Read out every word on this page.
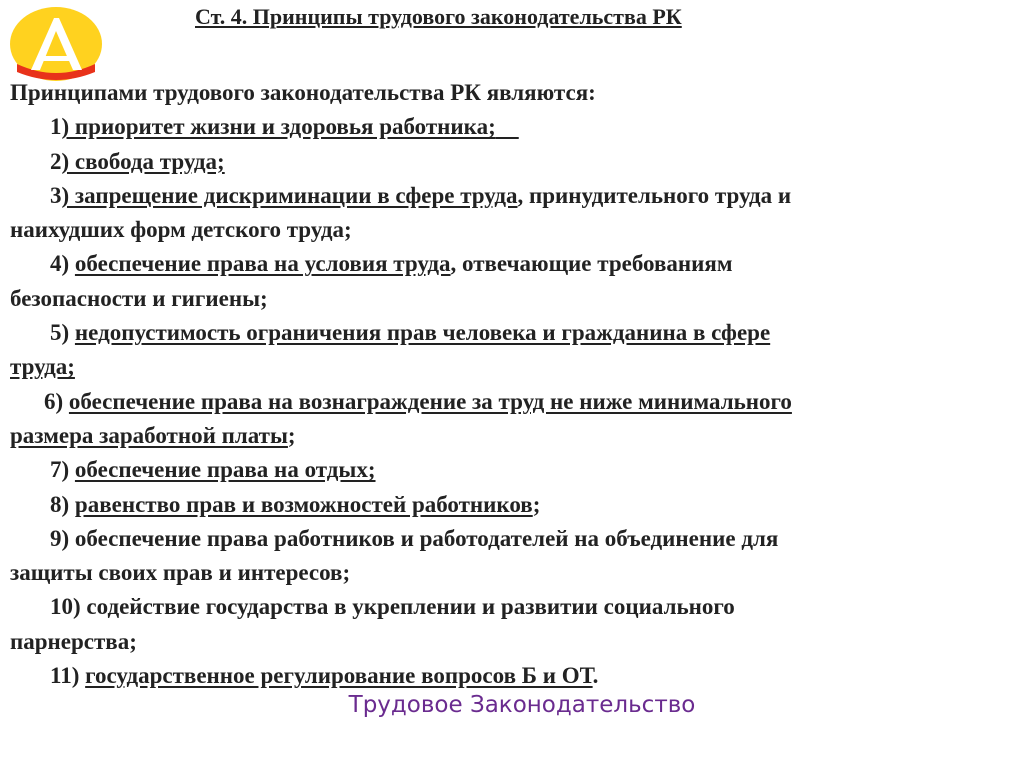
Ст. 4. Принципы трудового законодательства РК
Принципами трудового законодательства РК являются:
1) приоритет жизни и здоровья работника;
2) свобода труда;
3) запрещение дискриминации в сфере труда, принудительного труда и
наихудших форм детского труда;
4) обеспечение права на условия труда, отвечающие требованиям
безопасности и гигиены;
5) недопустимость ограничения прав человека и гражданина в сфере
труда;
6) обеспечение права на вознаграждение за труд не ниже минимального
размера заработной платы;
7) обеспечение права на отдых;
8) равенство прав и возможностей работников;
9) обеспечение права работников и работодателей на объединение для
защиты своих прав и интересов;
10) содействие государства в укреплении и развитии социального
парнерства;
11) государственное регулирование вопросов Б и ОТ.
Трудовое Законодательство
